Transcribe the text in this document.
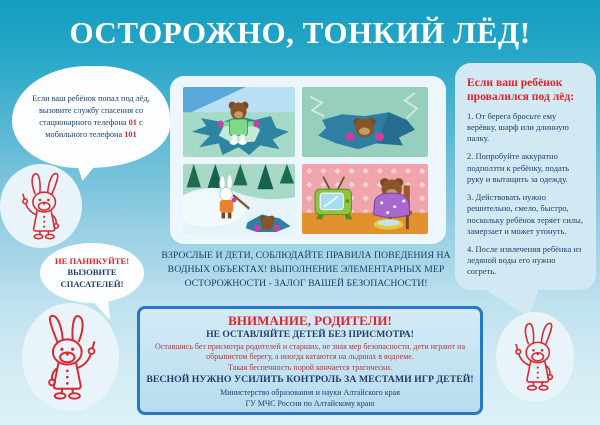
ОСТОРОЖНО, ТОНКИЙ ЛЁД!
Если ваш ребёнок попал под лёд, вызовите службу спасения со стационарного телефона 01 с мобильного телефона 101
НЕ ПАНИКУЙТЕ!
ВЫЗОВИТЕ СПАСАТЕЛЕЙ!
ВЗРОСЛЫЕ И ДЕТИ, СОБЛЮДАЙТЕ ПРАВИЛА ПОВЕДЕНИЯ НА ВОДНЫХ ОБЪЕКТАХ! ВЫПОЛНЕНИЕ ЭЛЕМЕНТАРНЫХ МЕР ОСТОРОЖНОСТИ - ЗАЛОГ ВАШЕЙ БЕЗОПАСНОСТИ!
ВНИМАНИЕ, РОДИТЕЛИ!
НЕ ОСТАВЛЯЙТЕ ДЕТЕЙ БЕЗ ПРИСМОТРА!
Оставшись без присмотра родителей и старших, не зная мер безопасности, дети играют на обрывистом берегу, а иногда катаются на льдинах в водоеме.
Такая беспечность порой кончается трагически.
ВЕСНОЙ НУЖНО УСИЛИТЬ КОНТРОЛЬ ЗА МЕСТАМИ ИГР ДЕТЕЙ!
Министерство образования и науки Алтайского края
ГУ МЧС России по Алтайскому краю
Если ваш ребёнок провалился под лёд:
1. От берега бросьте ему верёвку, шарф или длинную палку.
2. Попробуйте аккуратно подползти к ребёнку, подать руку и вытащить за одежду.
3. Действовать нужно решительно, смело, быстро, поскольку ребёнок теряет силы, замерзает и может утонуть.
4. После извлечения ребёнка из ледяной воды его нужно согреть.
